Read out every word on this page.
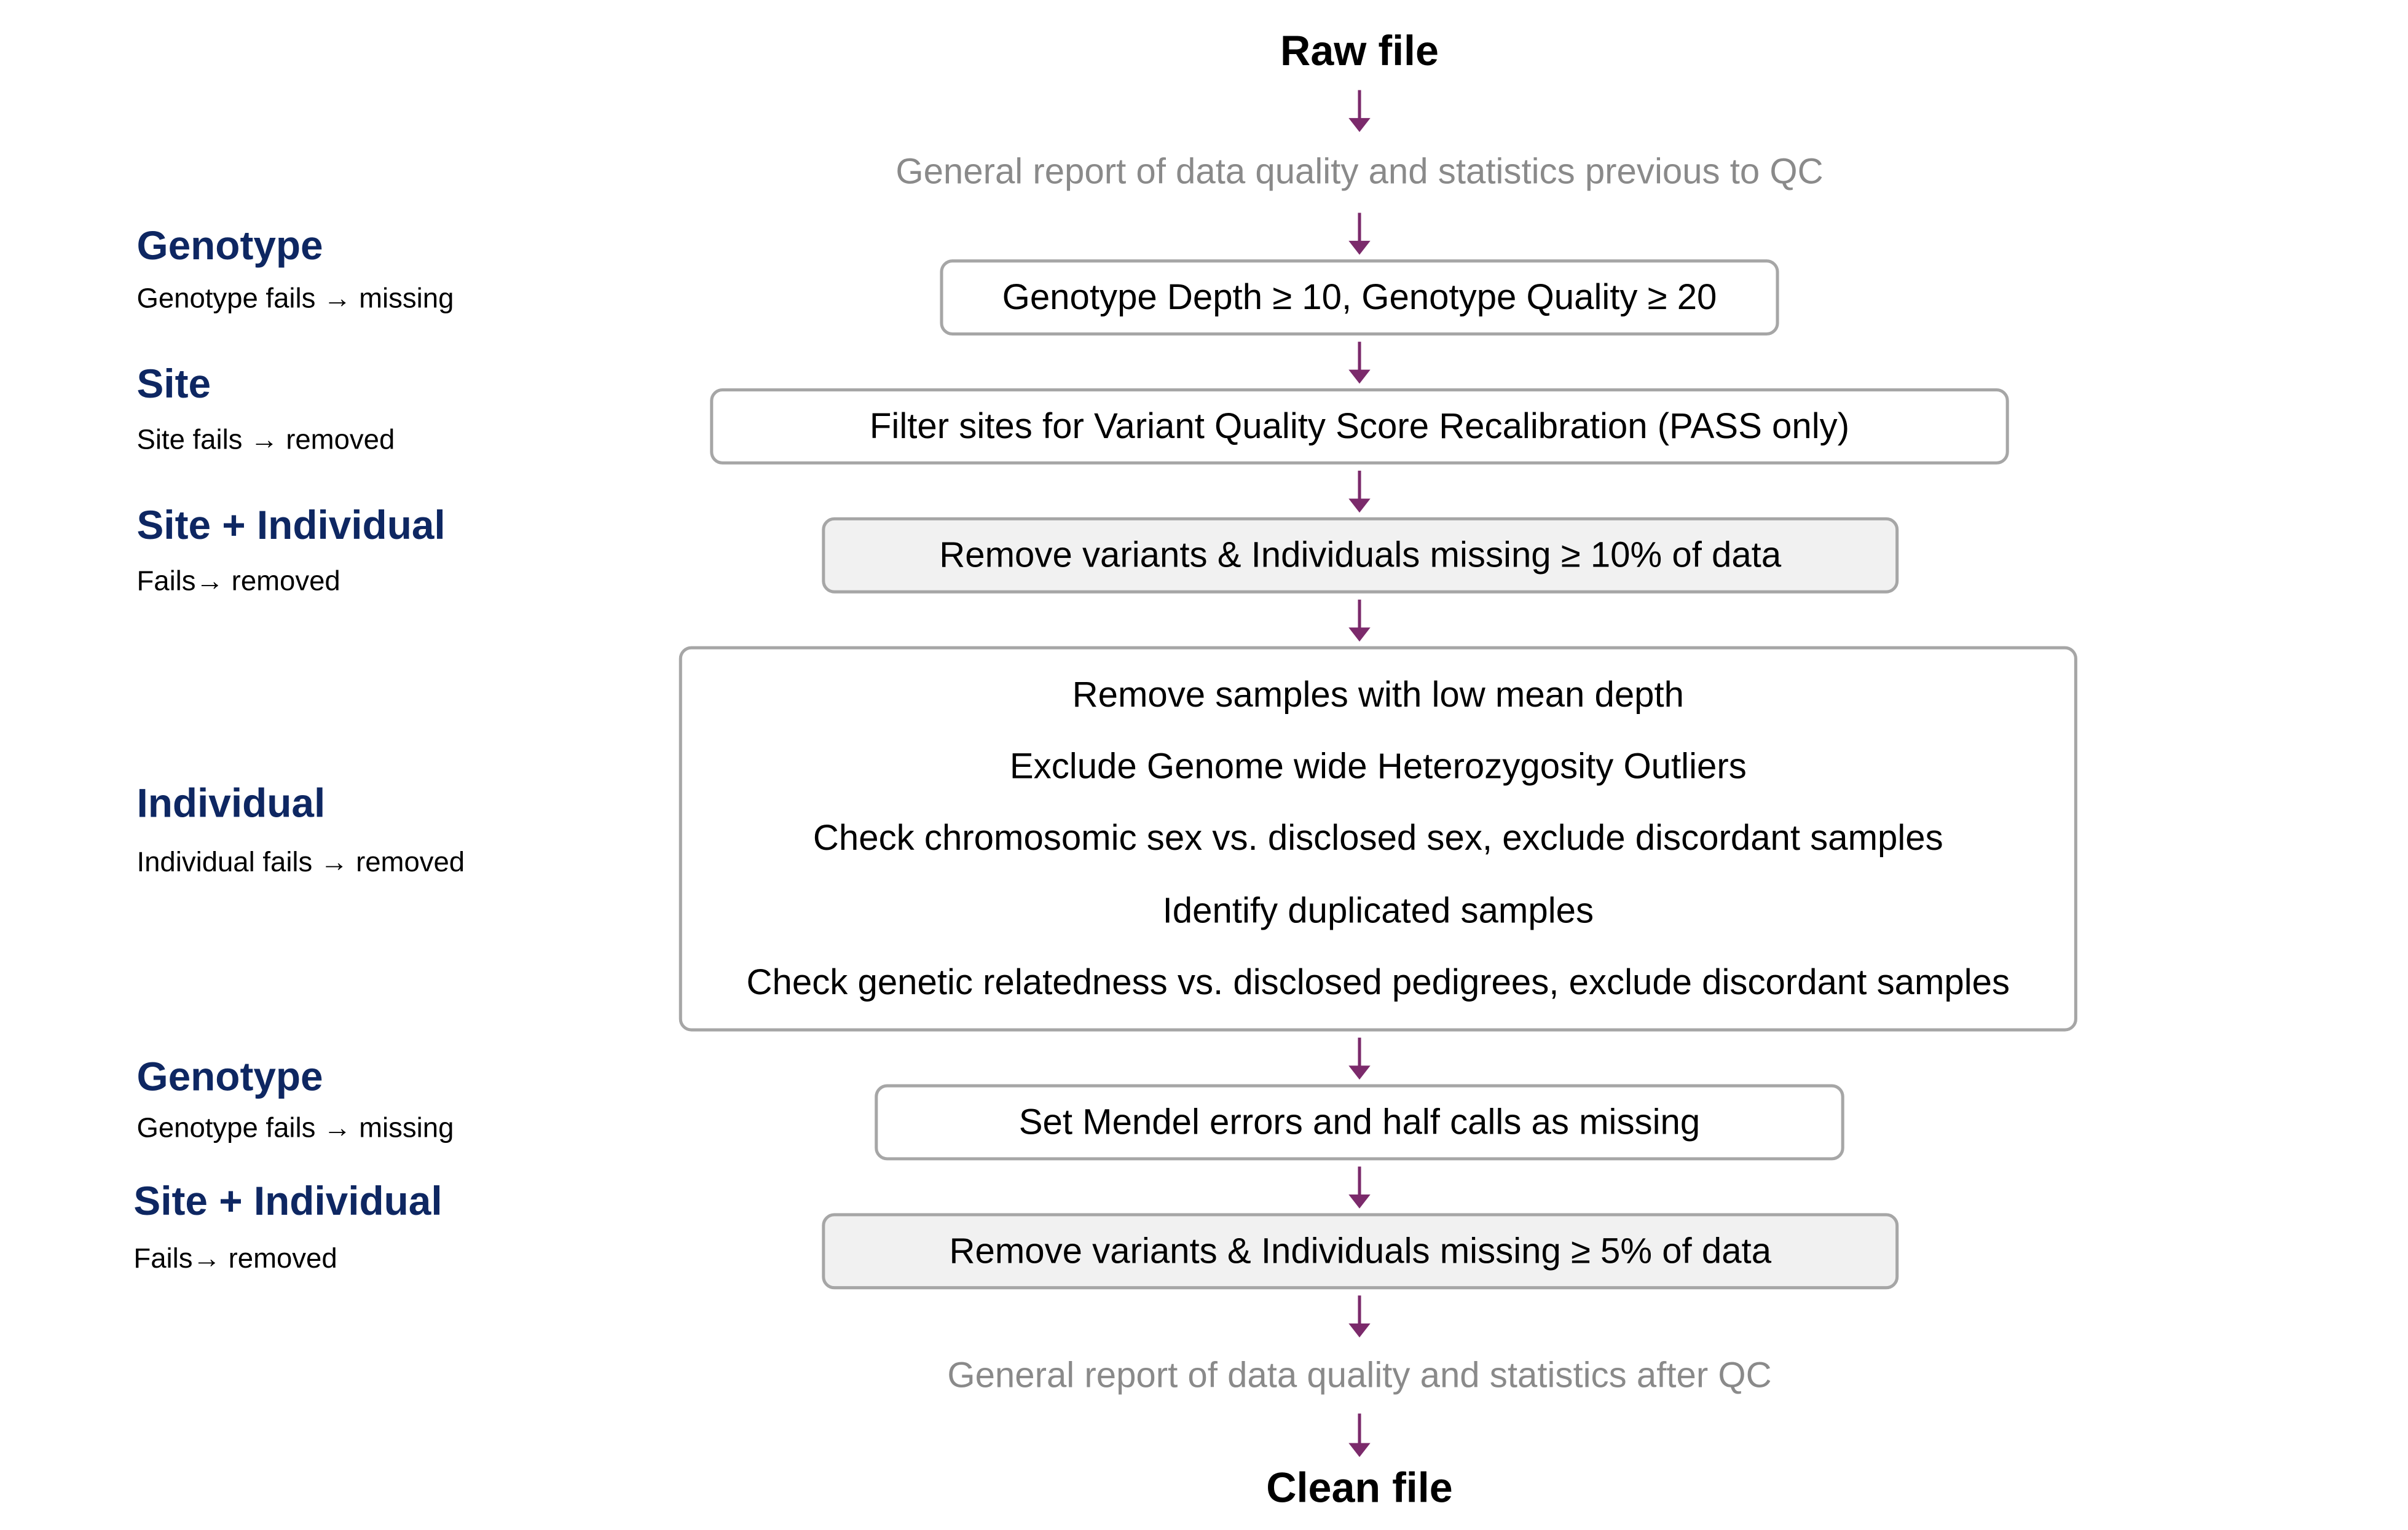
Raw file
General report of data quality and statistics previous to QC
Genotype Depth ≥ 10, Genotype Quality ≥ 20
Filter sites for Variant Quality Score Recalibration (PASS only)
Remove variants & Individuals missing ≥ 10% of data
Remove samples with low mean depth
Exclude Genome wide Heterozygosity Outliers
Check chromosomic sex vs. disclosed sex, exclude discordant samples
Identify duplicated samples
Check genetic relatedness vs. disclosed pedigrees, exclude discordant samples
Set Mendel errors and half calls as missing
Remove variants & Individuals missing ≥ 5% of data
General report of data quality and statistics after QC
Clean file
Genotype
Genotype fails → missing
Site
Site fails → removed
Site + Individual
Fails→ removed
Individual
Individual fails → removed
Genotype
Genotype fails → missing
Site + Individual
Fails→ removed
